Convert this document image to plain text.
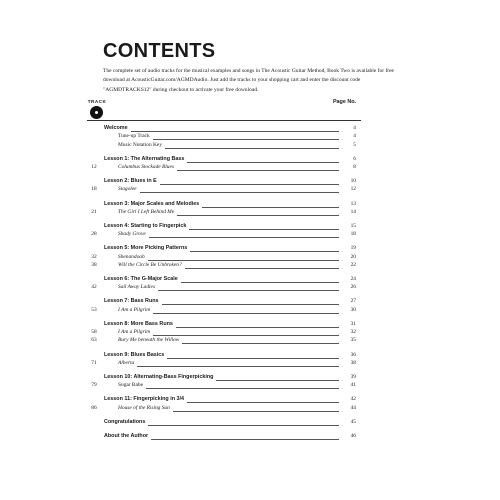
CONTENTS
The complete set of audio tracks for the musical examples and songs in The Acoustic Guitar Method, Book Two is available for free download at AcousticGuitar.com/AGMDAudio. Just add the tracks to your shopping cart and enter the discount code "AGMDTRACKS12" during checkout to activate your free download.
TRACK	Page No.
Welcome	4
Tune-up Track	4
Music Notation Key	5
Lesson 1: The Alternating Bass	6
12	Columbus Stockade Blues	8
Lesson 2: Blues in E	10
18	Stagolee	12
Lesson 3: Major Scales and Melodies	13
21	The Girl I Left Behind Me	14
Lesson 4: Starting to Fingerpick	15
28	Shady Grove	18
Lesson 5: More Picking Patterns	19
32	Shenandoah	20
38	Will the Circle Be Unbroken?	22
Lesson 6: The G-Major Scale	24
42	Sail Away Ladies	26
Lesson 7: Bass Runs	27
53	I Am a Pilgrim	30
Lesson 8: More Bass Runs	31
58	I Am a Pilgrim	32
63	Bury Me beneath the Willow	35
Lesson 9: Blues Basics	36
71	Alberta	38
Lesson 10: Alternating-Bass Fingerpicking	39
79	Sugar Babe	41
Lesson 11: Fingerpicking in 3/4	42
86	House of the Rising Sun	44
Congratulations	45
About the Author	46
